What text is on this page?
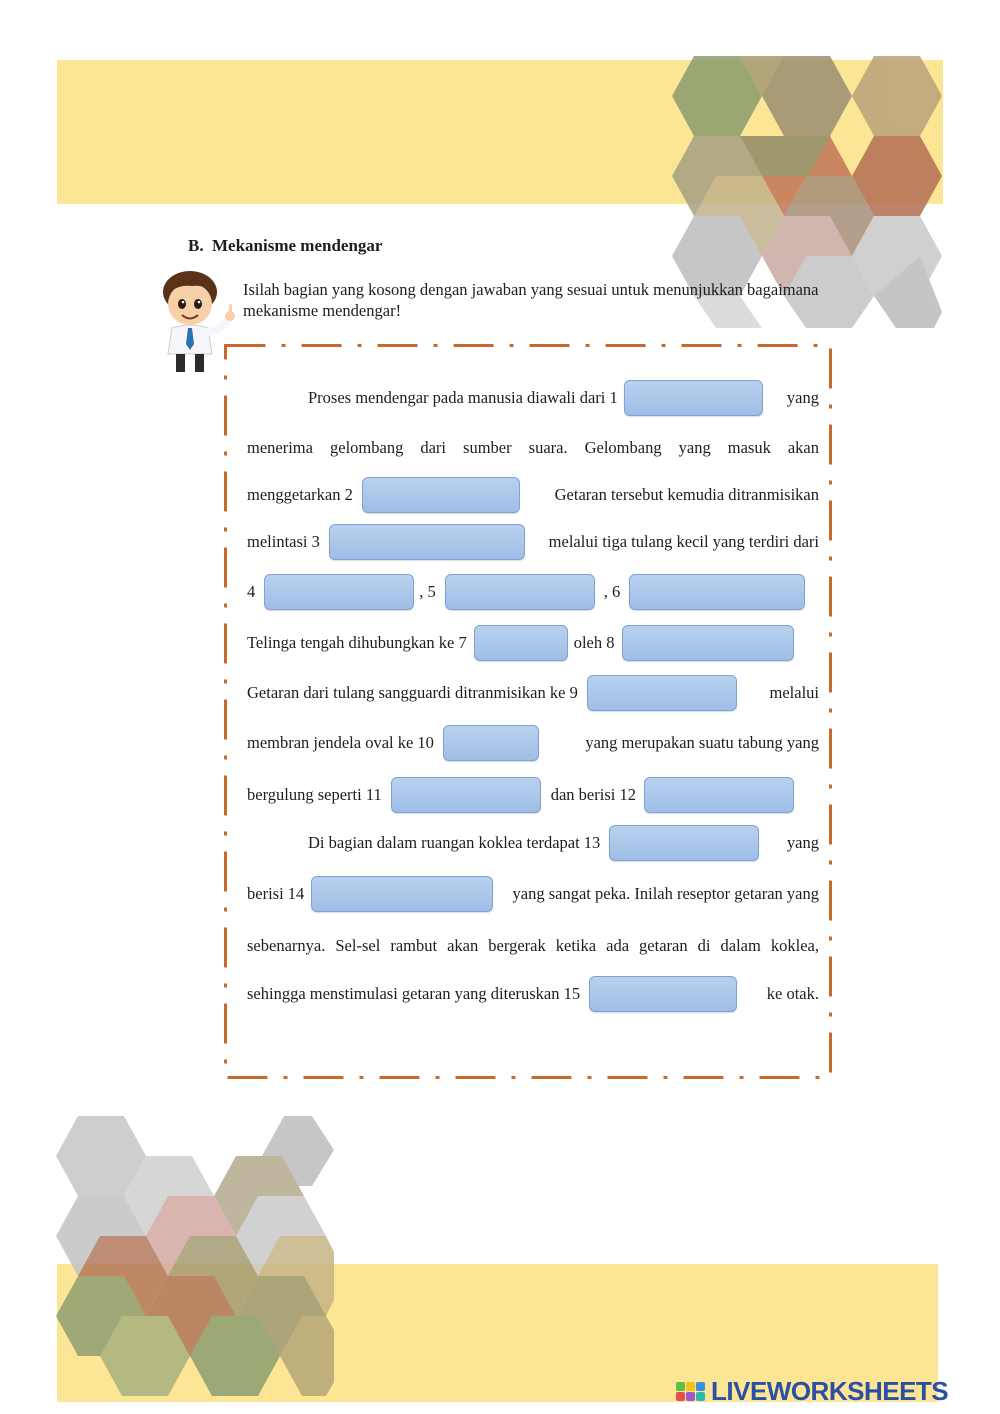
B. Mekanisme mendengar
Isilah bagian yang kosong dengan jawaban yang sesuai untuk menunjukkan bagaimana mekanisme mendengar!
Proses mendengar pada manusia diawali dari 1	yang
menerima gelombang dari sumber suara. Gelombang yang masuk akan
menggetarkan 2	Getaran tersebut kemudia ditranmisikan
melintasi 3	melalui tiga tulang kecil yang terdiri dari
4	, 5	, 6
Telinga tengah dihubungkan ke 7	oleh 8
Getaran dari tulang sangguardi ditranmisikan ke 9	melalui
membran jendela oval ke 10	yang merupakan suatu tabung yang
bergulung seperti 11	dan berisi 12
Di bagian dalam ruangan koklea terdapat 13	yang
berisi 14	yang sangat peka. Inilah reseptor getaran yang
sebenarnya. Sel-sel rambut akan bergerak ketika ada getaran di dalam koklea,
sehingga menstimulasi getaran yang diteruskan 15	ke otak.
LIVEWORKSHEETS
